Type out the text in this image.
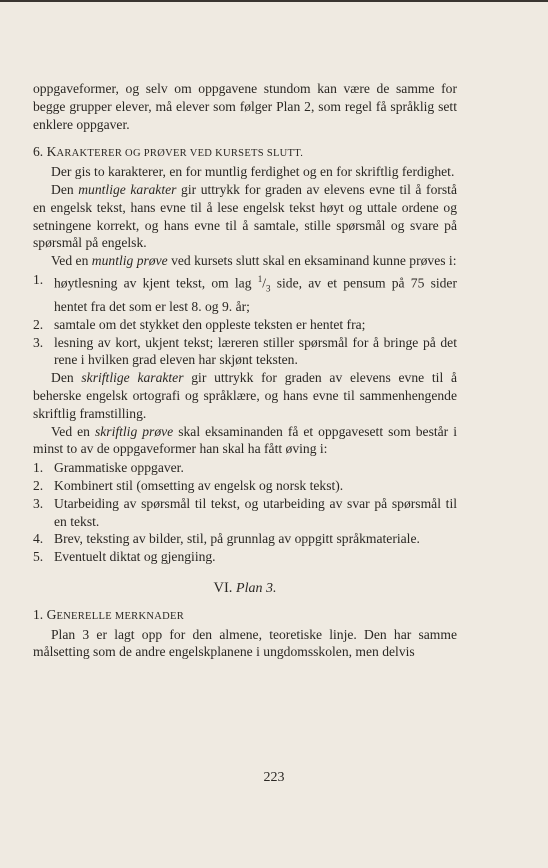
oppgaveformer, og selv om oppgavene stundom kan være de samme for begge grupper elever, må elever som følger Plan 2, som regel få språklig sett enklere oppgaver.

6. KARAKTERER OG PRØVER VED KURSETS SLUTT.

Der gis to karakterer, en for muntlig ferdighet og en for skriftlig ferdighet.

Den muntlige karakter gir uttrykk for graden av elevens evne til å forstå en engelsk tekst, hans evne til å lese engelsk tekst høyt og uttale ordene og setningene korrekt, og hans evne til å samtale, stille spørsmål og svare på spørsmål på engelsk.

Ved en muntlig prøve ved kursets slutt skal en eksaminand kunne prøves i:

1. høytlesning av kjent tekst, om lag $^1/_3$ side, av et pensum på 75 sider hentet fra det som er lest 8. og 9. år;
2. samtale om det stykket den oppleste teksten er hentet fra;
3. lesning av kort, ukjent tekst; læreren stiller spørsmål for å bringe på det rene i hvilken grad eleven har skjønt teksten.

Den skriftlige karakter gir uttrykk for graden av elevens evne til å beherske engelsk ortografi og språklære, og hans evne til sammenhengende skriftlig framstilling.

Ved en skriftlig prøve skal eksaminanden få et oppgavesett som består i minst to av de oppgaveformer han skal ha fått øving i:

1. Grammatiske oppgaver.
2. Kombinert stil (omsetting av engelsk og norsk tekst).
3. Utarbeiding av spørsmål til tekst, og utarbeiding av svar på spørsmål til en tekst.
4. Brev, teksting av bilder, stil, på grunnlag av oppgitt språkmateriale.
5. Eventuelt diktat og gjengiing.

VI. Plan 3.

1. GENERELLE MERKNADER

Plan 3 er lagt opp for den almene, teoretiske linje. Den har samme målsetting som de andre engelskplanene i ungdomsskolen, men delvis

223
